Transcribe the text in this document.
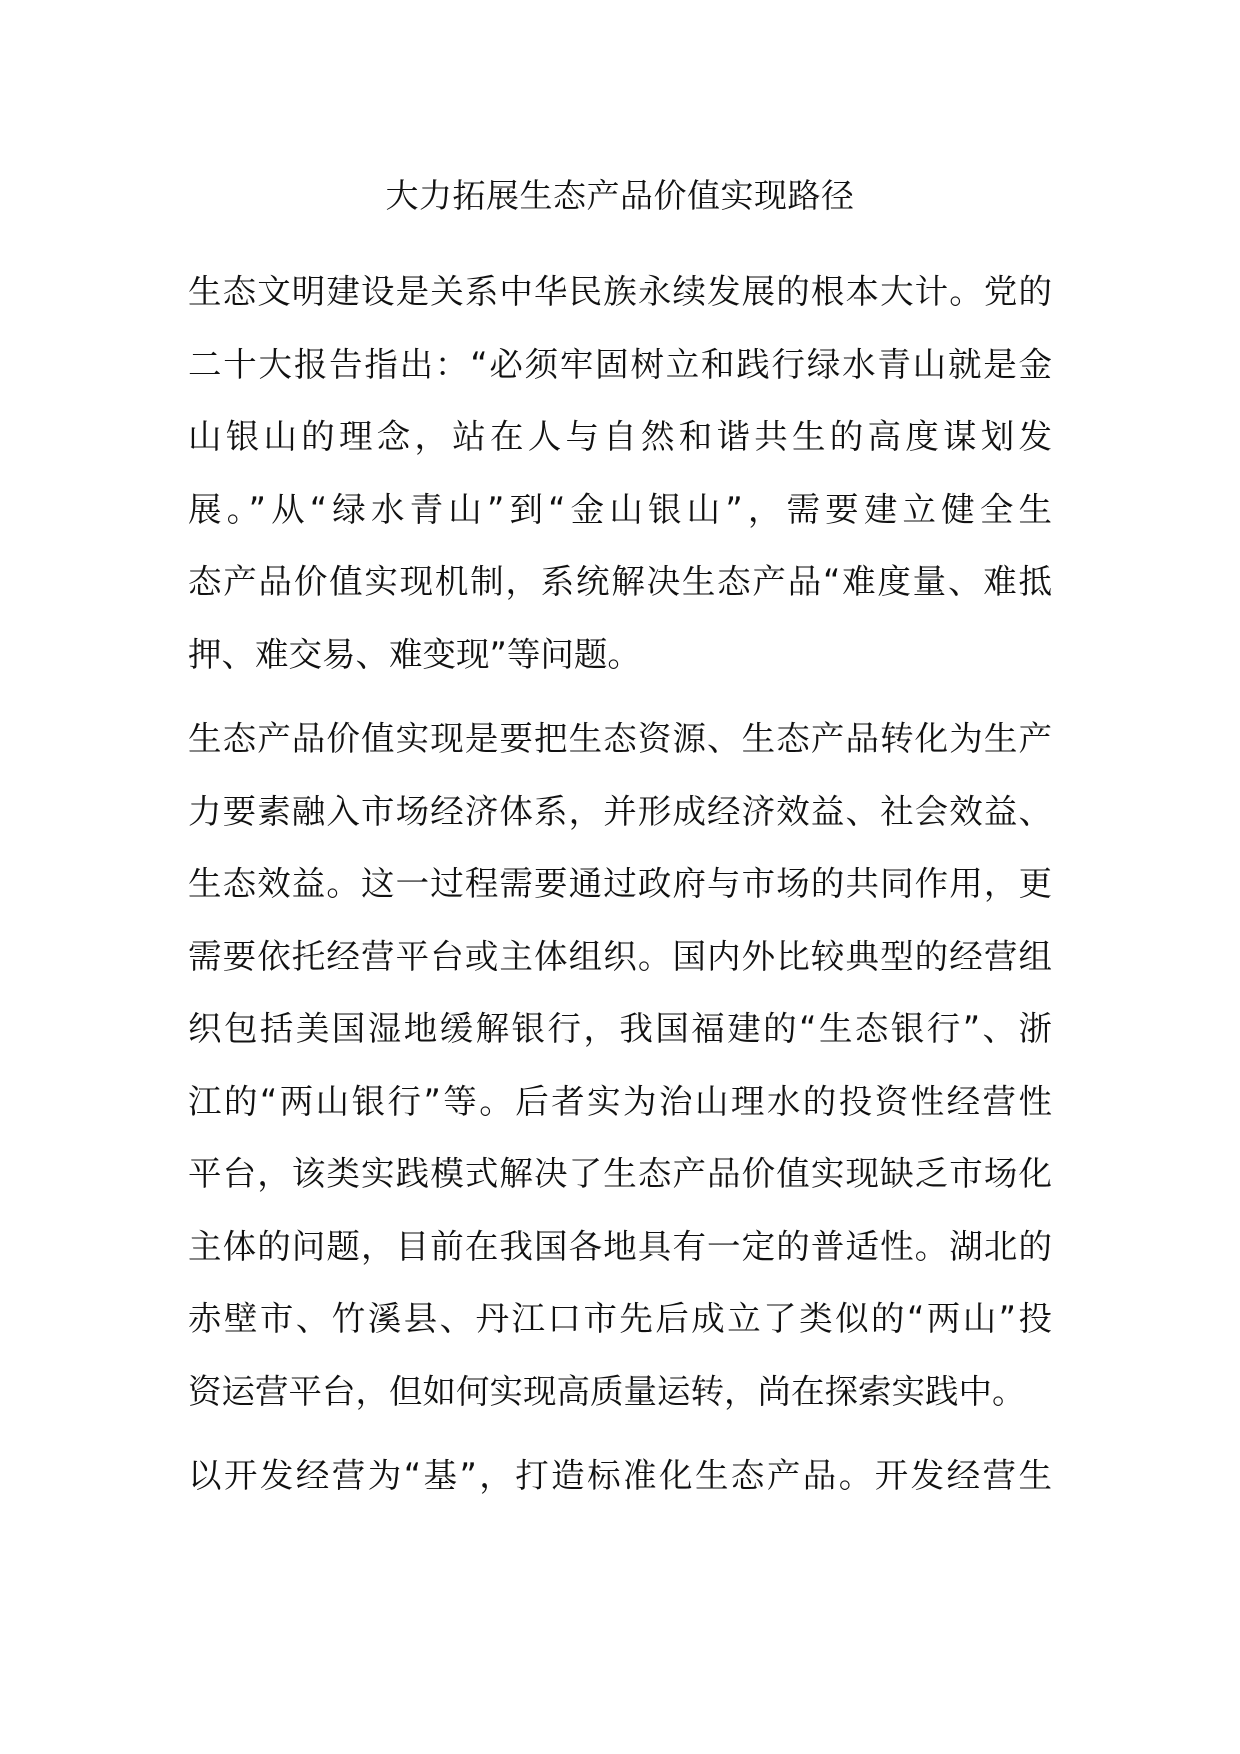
大力拓展生态产品价值实现路径

生态文明建设是关系中华民族永续发展的根本大计。党的
二十大报告指出：“必须牢固树立和践行绿水青山就是金
山银山的理念，站在人与自然和谐共生的高度谋划发
展。”从“绿水青山”到“金山银山”，需要建立健全生
态产品价值实现机制，系统解决生态产品“难度量、难抵
押、难交易、难变现”等问题。

生态产品价值实现是要把生态资源、生态产品转化为生产
力要素融入市场经济体系，并形成经济效益、社会效益、
生态效益。这一过程需要通过政府与市场的共同作用，更
需要依托经营平台或主体组织。国内外比较典型的经营组
织包括美国湿地缓解银行，我国福建的“生态银行”、浙
江的“两山银行”等。后者实为治山理水的投资性经营性
平台，该类实践模式解决了生态产品价值实现缺乏市场化
主体的问题，目前在我国各地具有一定的普适性。湖北的
赤壁市、竹溪县、丹江口市先后成立了类似的“两山”投
资运营平台，但如何实现高质量运转，尚在探索实践中。

以开发经营为“基”，打造标准化生态产品。开发经营生
